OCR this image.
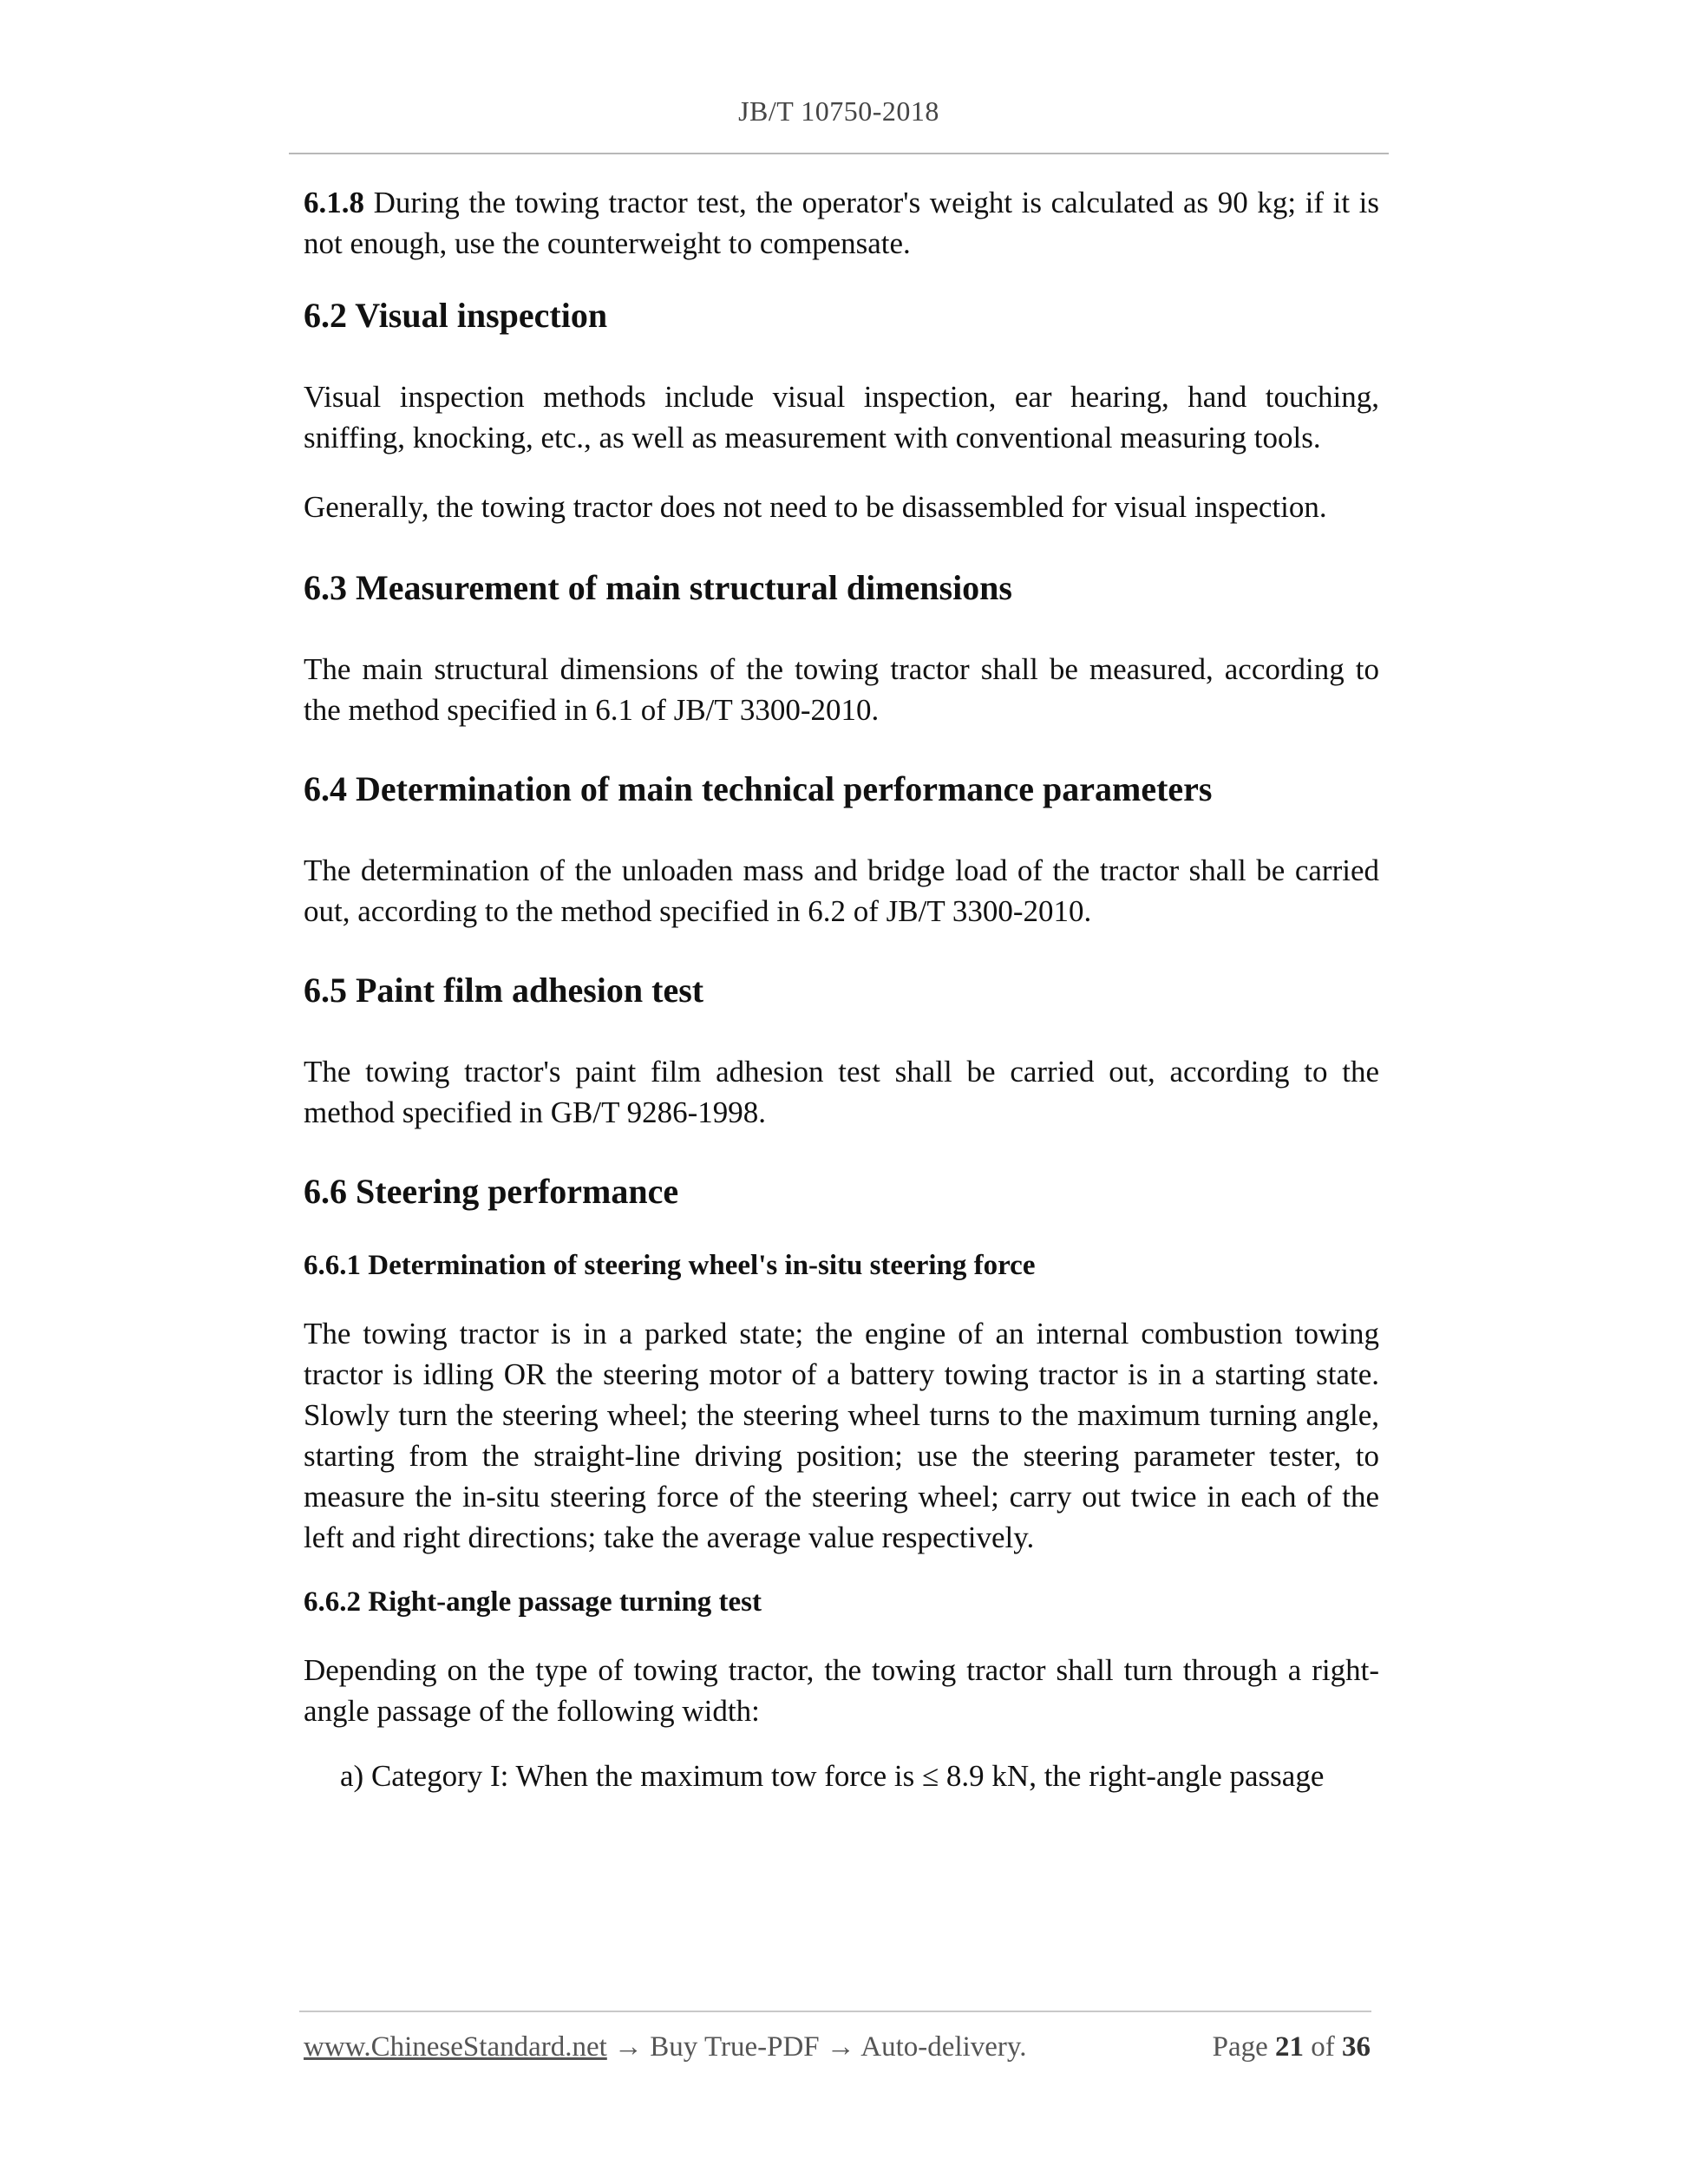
JB/T 10750-2018

6.1.8 During the towing tractor test, the operator's weight is calculated as 90 kg; if it is not enough, use the counterweight to compensate.

6.2 Visual inspection

Visual inspection methods include visual inspection, ear hearing, hand touching, sniffing, knocking, etc., as well as measurement with conventional measuring tools.

Generally, the towing tractor does not need to be disassembled for visual inspection.

6.3 Measurement of main structural dimensions

The main structural dimensions of the towing tractor shall be measured, according to the method specified in 6.1 of JB/T 3300-2010.

6.4 Determination of main technical performance parameters

The determination of the unloaden mass and bridge load of the tractor shall be carried out, according to the method specified in 6.2 of JB/T 3300-2010.

6.5 Paint film adhesion test

The towing tractor's paint film adhesion test shall be carried out, according to the method specified in GB/T 9286-1998.

6.6 Steering performance
6.6.1 Determination of steering wheel's in-situ steering force

The towing tractor is in a parked state; the engine of an internal combustion towing tractor is idling OR the steering motor of a battery towing tractor is in a starting state. Slowly turn the steering wheel; the steering wheel turns to the maximum turning angle, starting from the straight-line driving position; use the steering parameter tester, to measure the in-situ steering force of the steering wheel; carry out twice in each of the left and right directions; take the average value respectively.

6.6.2 Right-angle passage turning test

Depending on the type of towing tractor, the towing tractor shall turn through a right-angle passage of the following width:

a) Category I: When the maximum tow force is ≤ 8.9 kN, the right-angle passage

www.ChineseStandard.net → Buy True-PDF → Auto-delivery.	Page 21 of 36
